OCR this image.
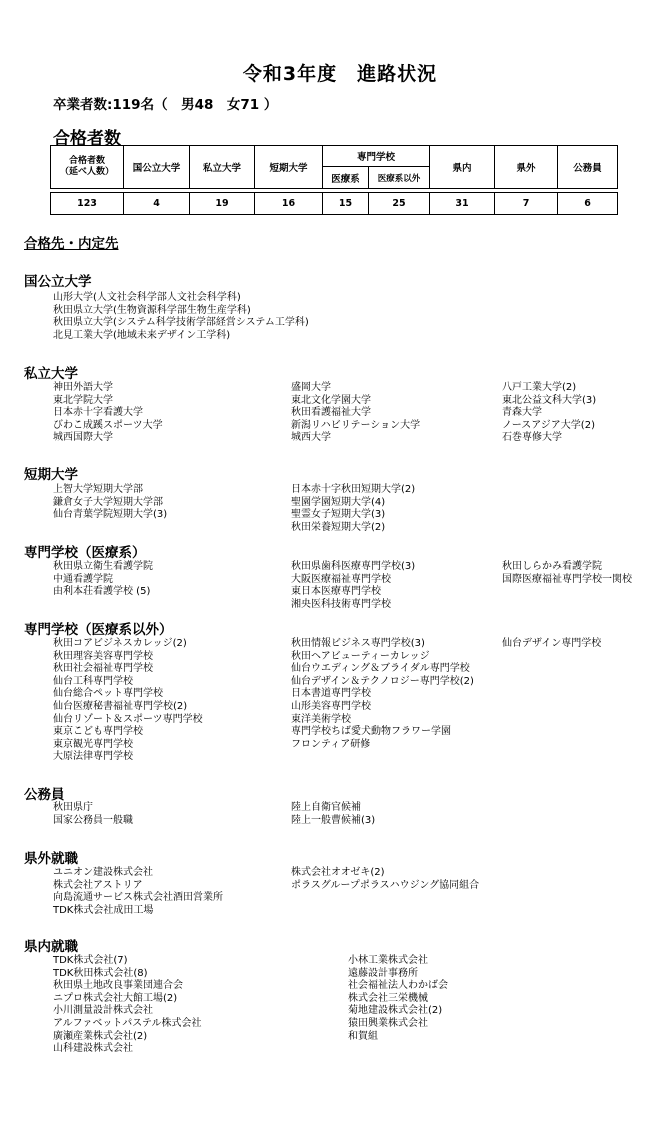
令和3年度　進路状況
卒業者数:119名（　男48　女71 ）
合格者数
合格者数
（延べ人数）	国公立大学	私立大学	短期大学	専門学校		県内	県外	公務員
				医療系	医療系以外			

123	4	19	16	15	25	31	7	6
合格先・内定先
国公立大学
山形大学(人文社会科学部人文社会科学科)
秋田県立大学(生物資源科学部生物生産学科)
秋田県立大学(システム科学技術学部経営システム工学科)
北見工業大学(地域未来デザイン工学科)
私立大学
神田外語大学
東北学院大学
日本赤十字看護大学
びわこ成蹊スポーツ大学
城西国際大学
盛岡大学
東北文化学園大学
秋田看護福祉大学
新潟リハビリテーション大学
城西大学
八戸工業大学(2)
東北公益文科大学(3)
青森大学
ノースアジア大学(2)
石巻専修大学
短期大学
上智大学短期大学部
鎌倉女子大学短期大学部
仙台青葉学院短期大学(3)
日本赤十字秋田短期大学(2)
聖園学園短期大学(4)
聖霊女子短期大学(3)
秋田栄養短期大学(2)
専門学校（医療系）
秋田県立衛生看護学院
中通看護学院
由利本荘看護学校 (5)
秋田県歯科医療専門学校(3)
大阪医療福祉専門学校
東日本医療専門学校
湘央医科技術専門学校
秋田しらかみ看護学院
国際医療福祉専門学校一関校
専門学校（医療系以外）
秋田コアビジネスカレッジ(2)
秋田理容美容専門学校
秋田社会福祉専門学校
仙台工科専門学校
仙台総合ペット専門学校
仙台医療秘書福祉専門学校(2)
仙台リゾート＆スポーツ専門学校
東京こども専門学校
東京観光専門学校
大原法律専門学校
秋田情報ビジネス専門学校(3)
秋田ヘアビューティーカレッジ
仙台ウエディング＆ブライダル専門学校
仙台デザイン＆テクノロジー専門学校(2)
日本書道専門学校
山形美容専門学校
東洋美術学校
専門学校ちば愛犬動物フラワー学園
フロンティア研修
仙台デザイン専門学校
公務員
秋田県庁
国家公務員一般職
陸上自衛官候補
陸上一般曹候補(3)
県外就職
ユニオン建設株式会社
株式会社アストリア
向島流通サービス株式会社酒田営業所
TDK株式会社成田工場
株式会社オオゼキ(2)
ポラスグループポラスハウジング協同組合
県内就職
TDK株式会社(7)
TDK秋田株式会社(8)
秋田県土地改良事業団連合会
ニプロ株式会社大館工場(2)
小川測量設計株式会社
アルファベットパステル株式会社
廣瀬産業株式会社(2)
山科建設株式会社
小林工業株式会社
遠藤設計事務所
社会福祉法人わかば会
株式会社三栄機械
菊地建設株式会社(2)
猿田興業株式会社
和賀組
